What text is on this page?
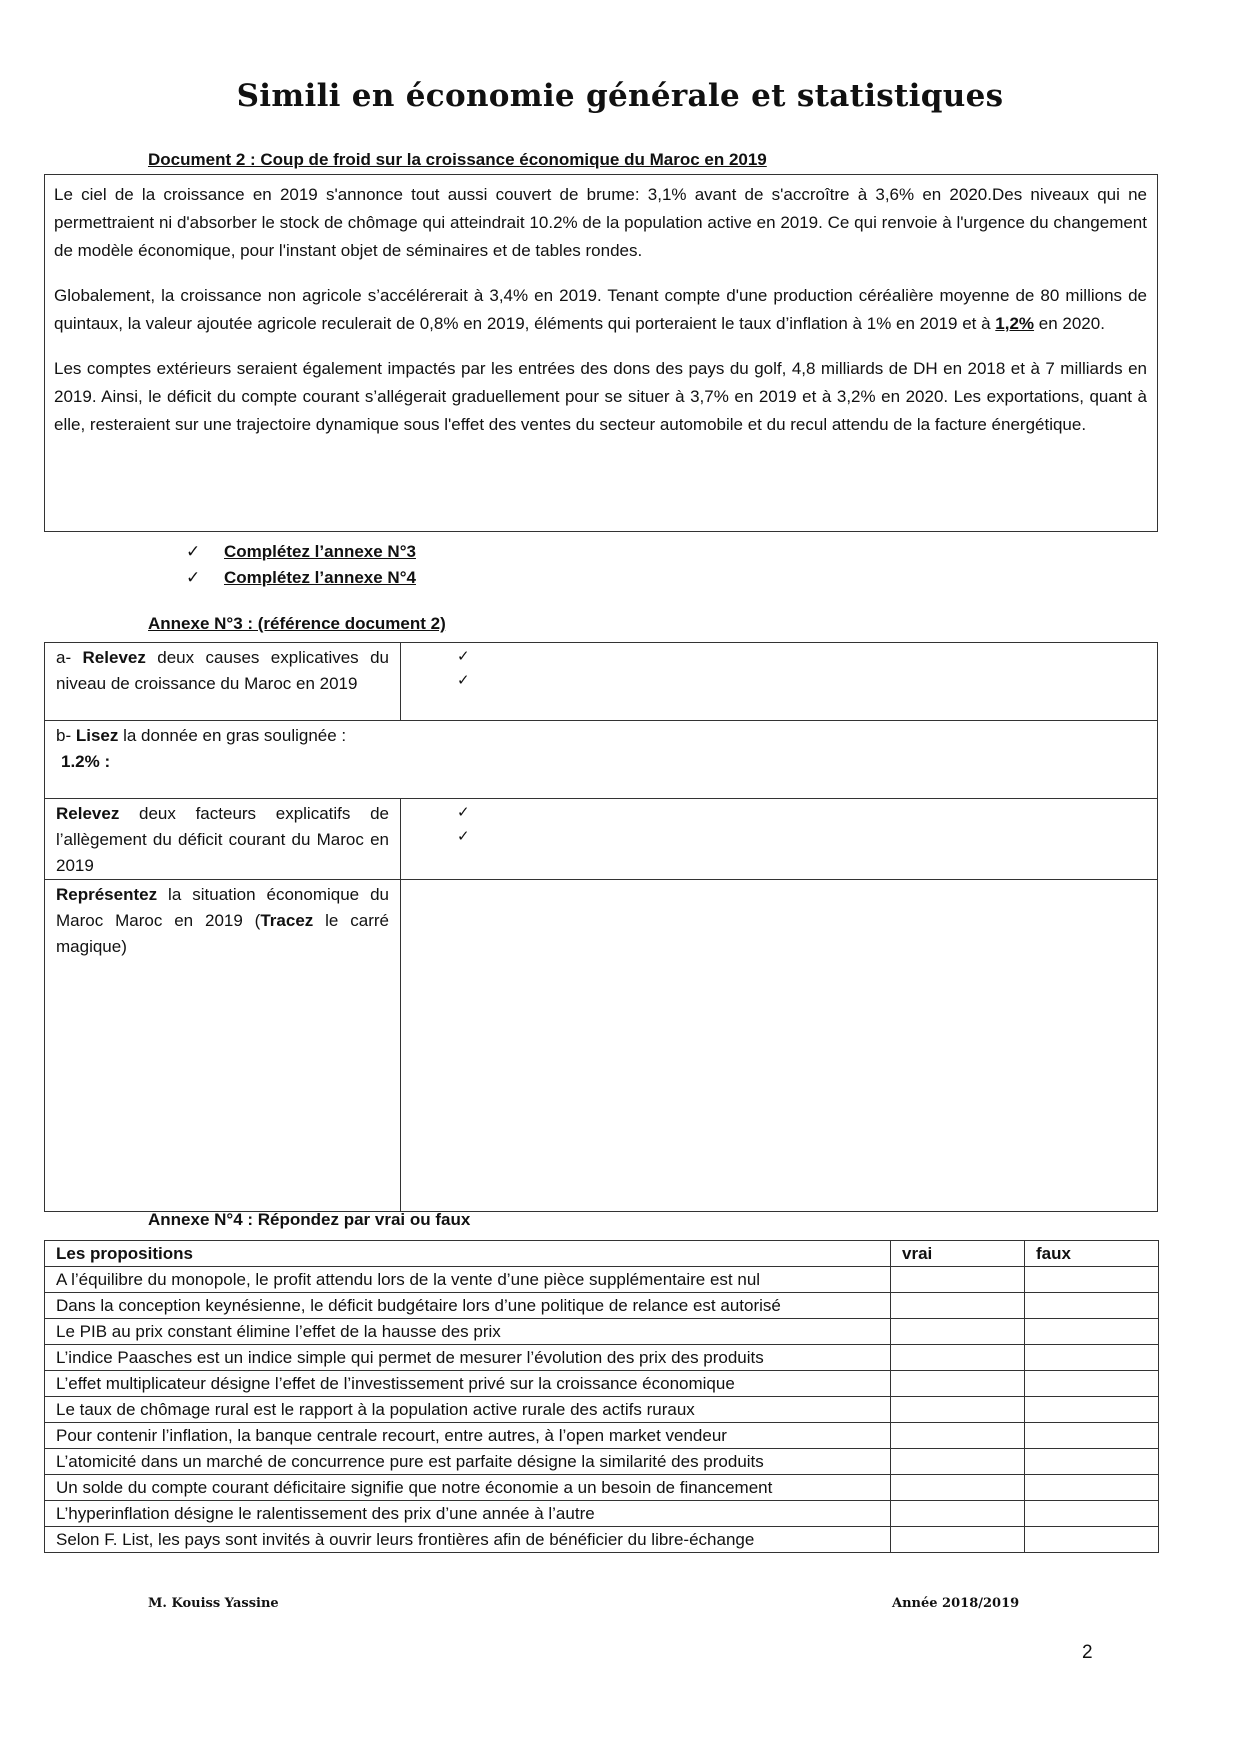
Simili en économie générale et statistiques
Document 2 : Coup de froid sur la croissance économique du Maroc en 2019

Le ciel de la croissance en 2019 s'annonce tout aussi couvert de brume: 3,1% avant de s'accroître à 3,6% en 2020.Des niveaux qui ne permettraient ni d'absorber le stock de chômage qui atteindrait 10.2% de la population active en 2019. Ce qui renvoie à l'urgence du changement de modèle économique, pour l'instant objet de séminaires et de tables rondes.

Globalement, la croissance non agricole s’accélérerait à 3,4% en 2019. Tenant compte d'une production céréalière moyenne de 80 millions de quintaux, la valeur ajoutée agricole reculerait de 0,8% en 2019, éléments qui porteraient le taux d’inflation à 1% en 2019 et à 1,2% en 2020.

Les comptes extérieurs seraient également impactés par les entrées des dons des pays du golf, 4,8 milliards de DH en 2018 et à 7 milliards en 2019. Ainsi, le déficit du compte courant s’allégerait graduellement pour se situer à 3,7% en 2019 et à 3,2% en 2020. Les exportations, quant à elle, resteraient sur une trajectoire dynamique sous l'effet des ventes du secteur automobile et du recul attendu de la facture énergétique.

✓ Complétez l’annexe N°3
✓ Complétez l’annexe N°4
Annexe N°3 : (référence document 2)
a- Relevez deux causes explicatives du niveau de croissance du Maroc en 2019	✓
✓

b- Lisez la donnée en gras soulignée :
1.2% :	

Relevez deux facteurs explicatifs de l’allègement du déficit courant du Maroc en 2019	✓
✓

Représentez la situation économique du Maroc Maroc en 2019 (Tracez le carré magique)	
Annexe N°4 : Répondez par vrai ou faux
Les propositions	vrai	faux
A l’équilibre du monopole, le profit attendu lors de la vente d’une pièce supplémentaire est nul		
Dans la conception keynésienne, le déficit budgétaire lors d’une politique de relance est autorisé		
Le PIB au prix constant élimine l’effet de la hausse des prix		
L’indice Paasches est un indice simple qui permet de mesurer l’évolution des prix des produits		
L’effet multiplicateur désigne l’effet de l’investissement privé sur la croissance économique		
Le taux de chômage rural est le rapport à la population active rurale des actifs ruraux		
Pour contenir l’inflation, la banque centrale recourt, entre autres, à l’open market vendeur		
L’atomicité dans un marché de concurrence pure est parfaite désigne la similarité des produits		
Un solde du compte courant déficitaire signifie que notre économie a un besoin de financement		
L’hyperinflation désigne le ralentissement des prix d’une année à l’autre		
Selon F. List, les pays sont invités à ouvrir leurs frontières afin de bénéficier du libre-échange		
M. Kouiss Yassine	Année 2018/2019
2
